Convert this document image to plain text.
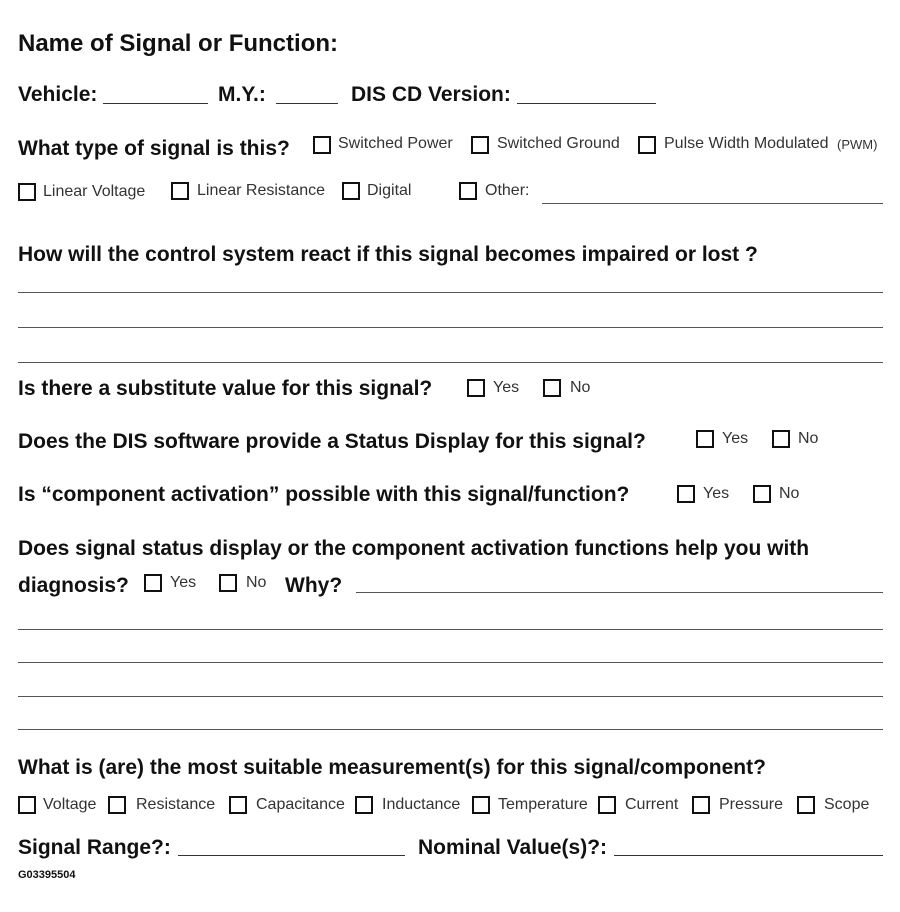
Name of Signal or Function:
Vehicle:	M.Y.:	DIS CD Version:
What type of signal is this?	Switched Power	Switched Ground	Pulse Width Modulated (PWM)
Linear Voltage	Linear Resistance	Digital	Other:
How will the control system react if this signal becomes impaired or lost ?
Is there a substitute value for this signal?	Yes	No
Does the DIS software provide a Status Display for this signal?	Yes	No
Is “component activation” possible with this signal/function?	Yes	No
Does signal status display or the component activation functions help you with
diagnosis?	Yes	No Why?
What is (are) the most suitable measurement(s) for this signal/component?
Voltage Resistance	Capacitance Inductance Temperature Current	Pressure	Scope
Signal Range?:	Nominal Value(s)?:
G03395504
